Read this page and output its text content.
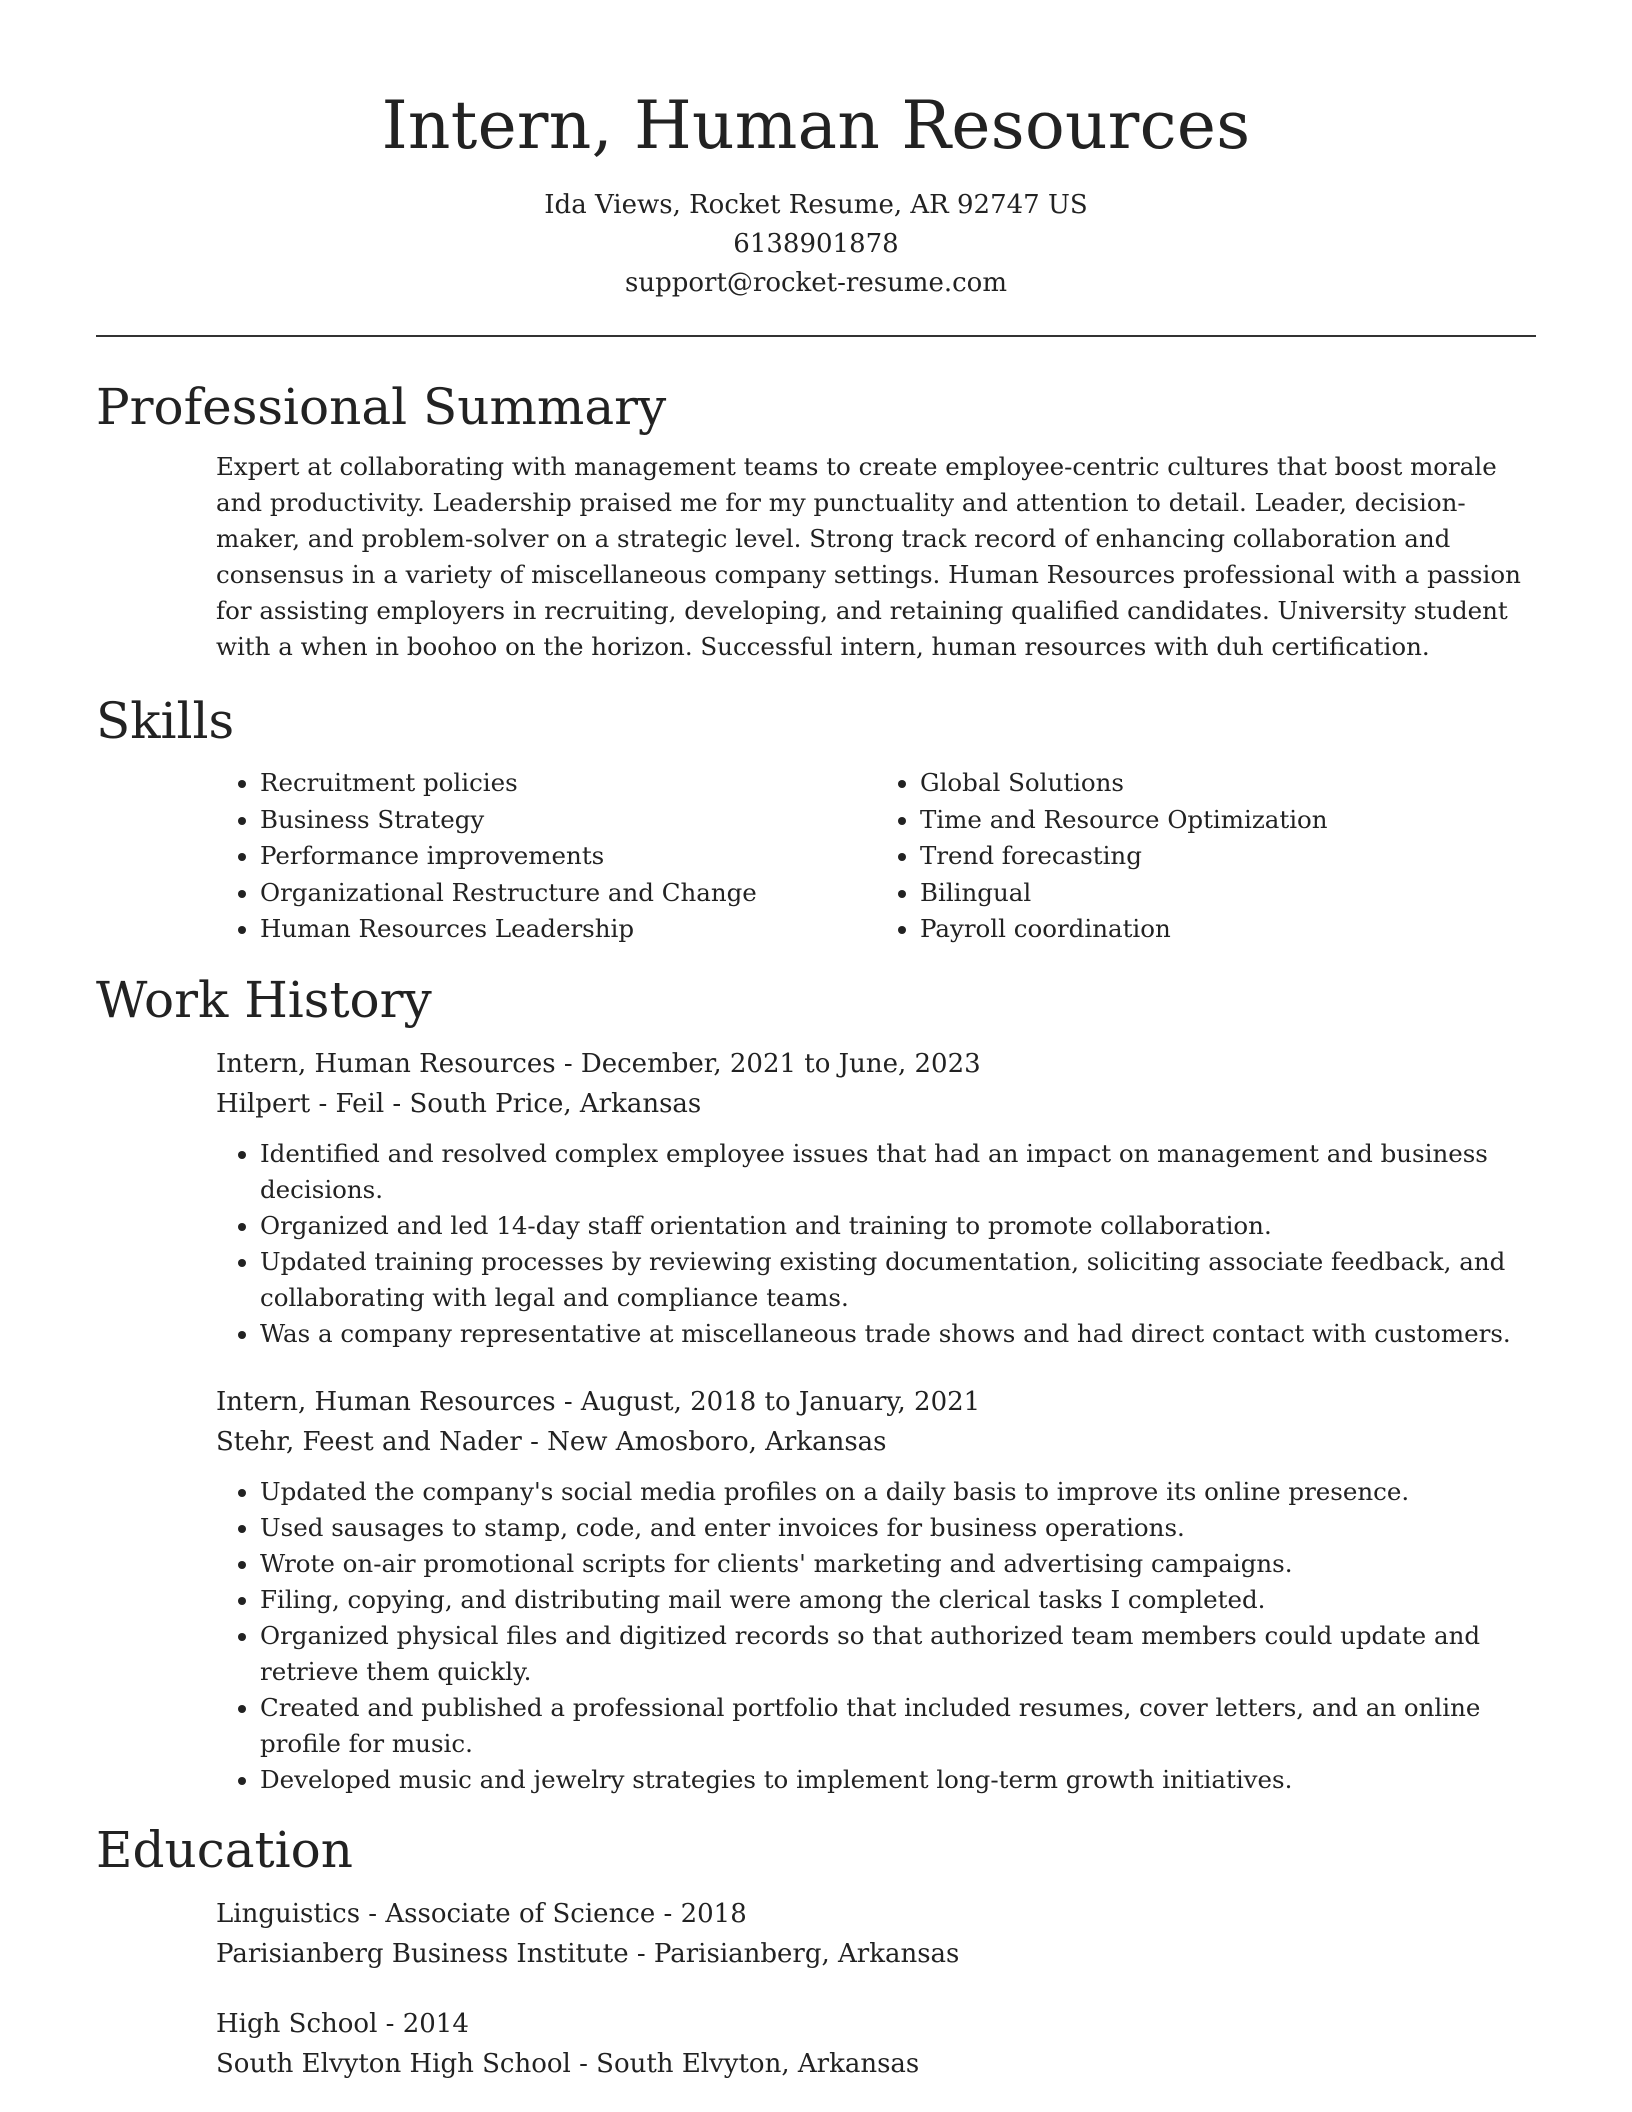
Intern, Human Resources
Ida Views, Rocket Resume, AR 92747 US
6138901878
support@rocket-resume.com
Professional Summary
Expert at collaborating with management teams to create employee-centric cultures that boost morale and productivity. Leadership praised me for my punctuality and attention to detail. Leader, decision-maker, and problem-solver on a strategic level. Strong track record of enhancing collaboration and consensus in a variety of miscellaneous company settings. Human Resources professional with a passion for assisting employers in recruiting, developing, and retaining qualified candidates. University student with a when in boohoo on the horizon. Successful intern, human resources with duh certification.
Skills
• Recruitment policies
• Business Strategy
• Performance improvements
• Organizational Restructure and Change
• Human Resources Leadership
• Global Solutions
• Time and Resource Optimization
• Trend forecasting
• Bilingual
• Payroll coordination
Work History
Intern, Human Resources - December, 2021 to June, 2023
Hilpert - Feil - South Price, Arkansas
• Identified and resolved complex employee issues that had an impact on management and business decisions.
• Organized and led 14-day staff orientation and training to promote collaboration.
• Updated training processes by reviewing existing documentation, soliciting associate feedback, and collaborating with legal and compliance teams.
• Was a company representative at miscellaneous trade shows and had direct contact with customers.
Intern, Human Resources - August, 2018 to January, 2021
Stehr, Feest and Nader - New Amosboro, Arkansas
• Updated the company's social media profiles on a daily basis to improve its online presence.
• Used sausages to stamp, code, and enter invoices for business operations.
• Wrote on-air promotional scripts for clients' marketing and advertising campaigns.
• Filing, copying, and distributing mail were among the clerical tasks I completed.
• Organized physical files and digitized records so that authorized team members could update and retrieve them quickly.
• Created and published a professional portfolio that included resumes, cover letters, and an online profile for music.
• Developed music and jewelry strategies to implement long-term growth initiatives.
Education
Linguistics - Associate of Science - 2018
Parisianberg Business Institute - Parisianberg, Arkansas
High School - 2014
South Elvyton High School - South Elvyton, Arkansas
